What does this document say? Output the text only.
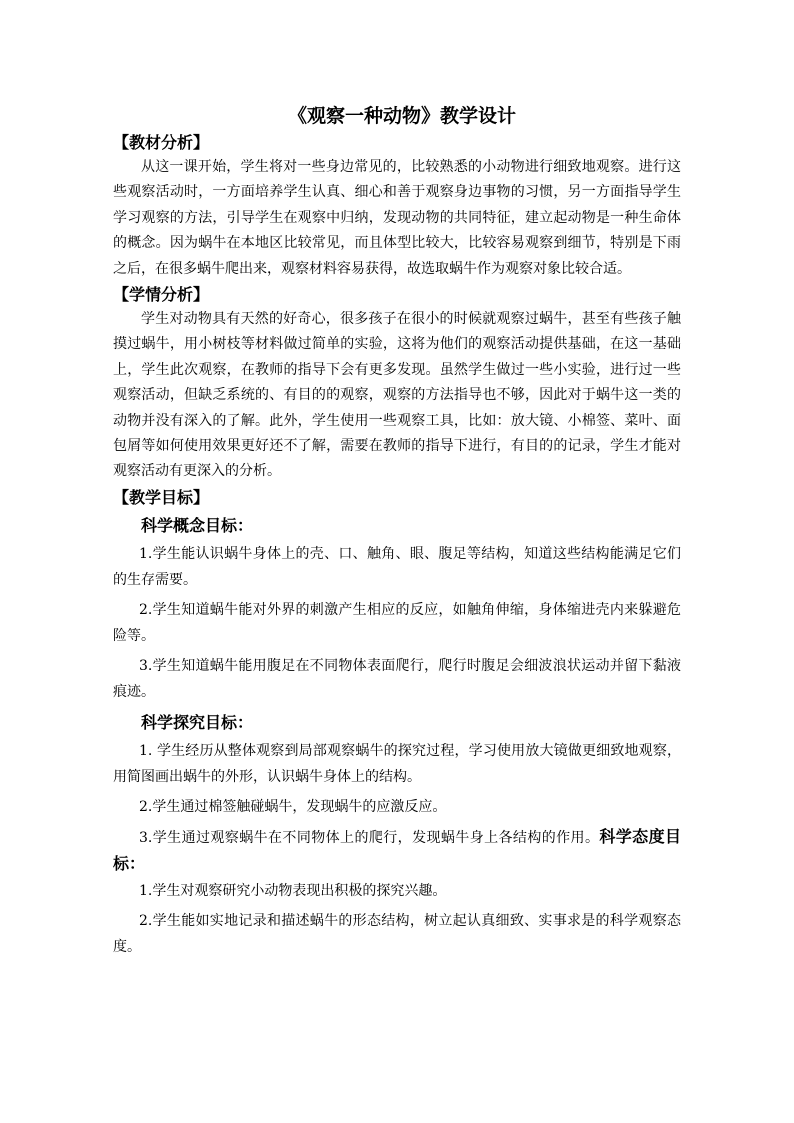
《观察一种动物》教学设计
【教材分析】

从这一课开始，学生将对一些身边常见的，比较熟悉的小动物进行细致地观察。进行这些观察活动时，一方面培养学生认真、细心和善于观察身边事物的习惯，另一方面指导学生学习观察的方法，引导学生在观察中归纳，发现动物的共同特征，建立起动物是一种生命体的概念。因为蜗牛在本地区比较常见，而且体型比较大，比较容易观察到细节，特别是下雨之后，在很多蜗牛爬出来，观察材料容易获得，故选取蜗牛作为观察对象比较合适。

【学情分析】

学生对动物具有天然的好奇心，很多孩子在很小的时候就观察过蜗牛，甚至有些孩子触摸过蜗牛，用小树枝等材料做过简单的实验，这将为他们的观察活动提供基础，在这一基础上，学生此次观察，在教师的指导下会有更多发现。虽然学生做过一些小实验，进行过一些观察活动，但缺乏系统的、有目的的观察，观察的方法指导也不够，因此对于蜗牛这一类的动物并没有深入的了解。此外，学生使用一些观察工具，比如：放大镜、小棉签、菜叶、面包屑等如何使用效果更好还不了解，需要在教师的指导下进行，有目的的记录，学生才能对观察活动有更深入的分析。

【教学目标】
科学概念目标：

1.学生能认识蜗牛身体上的壳、口、触角、眼、腹足等结构，知道这些结构能满足它们的生存需要。

2.学生知道蜗牛能对外界的刺激产生相应的反应，如触角伸缩，身体缩进壳内来躲避危险等。

3.学生知道蜗牛能用腹足在不同物体表面爬行，爬行时腹足会细波浪状运动并留下黏液痕迹。

科学探究目标：

1. 学生经历从整体观察到局部观察蜗牛的探究过程，学习使用放大镜做更细致地观察，用简图画出蜗牛的外形，认识蜗牛身体上的结构。

2.学生通过棉签触碰蜗牛，发现蜗牛的应激反应。

3.学生通过观察蜗牛在不同物体上的爬行，发现蜗牛身上各结构的作用。科学态度目标：

1.学生对观察研究小动物表现出积极的探究兴趣。

2.学生能如实地记录和描述蜗牛的形态结构，树立起认真细致、实事求是的科学观察态度。
